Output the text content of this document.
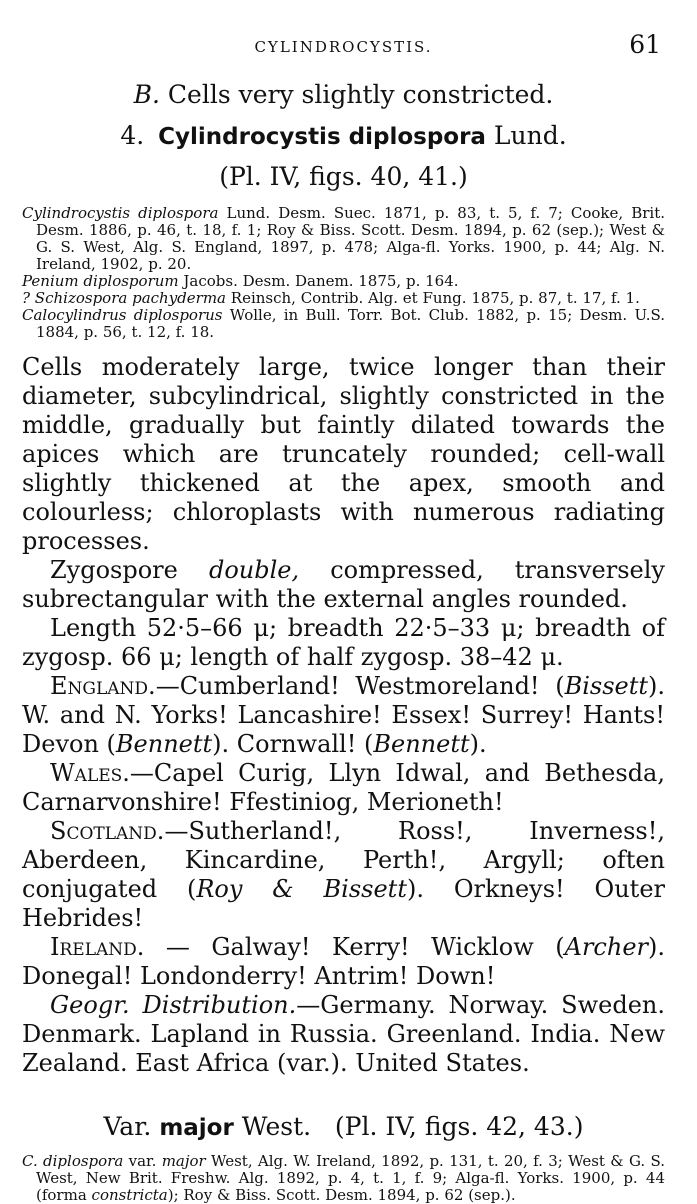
CYLINDROCYSTIS.	61
B. Cells very slightly constricted.
4. Cylindrocystis diplospora Lund.
(Pl. IV, figs. 40, 41.)

Cylindrocystis diplospora Lund. Desm. Suec. 1871, p. 83, t. 5, f. 7; Cooke, Brit. Desm. 1886, p. 46, t. 18, f. 1; Roy & Biss. Scott. Desm. 1894, p. 62 (sep.); West & G. S. West, Alg. S. England, 1897, p. 478; Alga-fl. Yorks. 1900, p. 44; Alg. N. Ireland, 1902, p. 20.

Penium diplosporum Jacobs. Desm. Danem. 1875, p. 164.

? Schizospora pachyderma Reinsch, Contrib. Alg. et Fung. 1875, p. 87, t. 17, f. 1.

Calocylindrus diplosporus Wolle, in Bull. Torr. Bot. Club. 1882, p. 15; Desm. U.S. 1884, p. 56, t. 12, f. 18.

Cells moderately large, twice longer than their diameter, subcylindrical, slightly constricted in the middle, gradually but faintly dilated towards the apices which are truncately rounded; cell-wall slightly thickened at the apex, smooth and colourless; chloroplasts with numerous radiating processes.

Zygospore double, compressed, transversely subrectangular with the external angles rounded.

Length 52·5–66 μ; breadth 22·5–33 μ; breadth of zygosp. 66 μ; length of half zygosp. 38–42 μ.

England.—Cumberland! Westmoreland! (Bissett). W. and N. Yorks! Lancashire! Essex! Surrey! Hants! Devon (Bennett). Cornwall! (Bennett).

Wales.—Capel Curig, Llyn Idwal, and Bethesda, Carnarvonshire! Ffestiniog, Merioneth!

Scotland.—Sutherland!, Ross!, Inverness!, Aberdeen, Kincardine, Perth!, Argyll; often conjugated (Roy & Bissett). Orkneys! Outer Hebrides!

Ireland. — Galway! Kerry! Wicklow (Archer). Donegal! Londonderry! Antrim! Down!

Geogr. Distribution.—Germany. Norway. Sweden. Denmark. Lapland in Russia. Greenland. India. New Zealand. East Africa (var.). United States.

Var. major West. (Pl. IV, figs. 42, 43.)

C. diplospora var. major West, Alg. W. Ireland, 1892, p. 131, t. 20, f. 3; West & G. S. West, New Brit. Freshw. Alg. 1892, p. 4, t. 1, f. 9; Alga-fl. Yorks. 1900, p. 44 (forma constricta); Roy & Biss. Scott. Desm. 1894, p. 62 (sep.).
